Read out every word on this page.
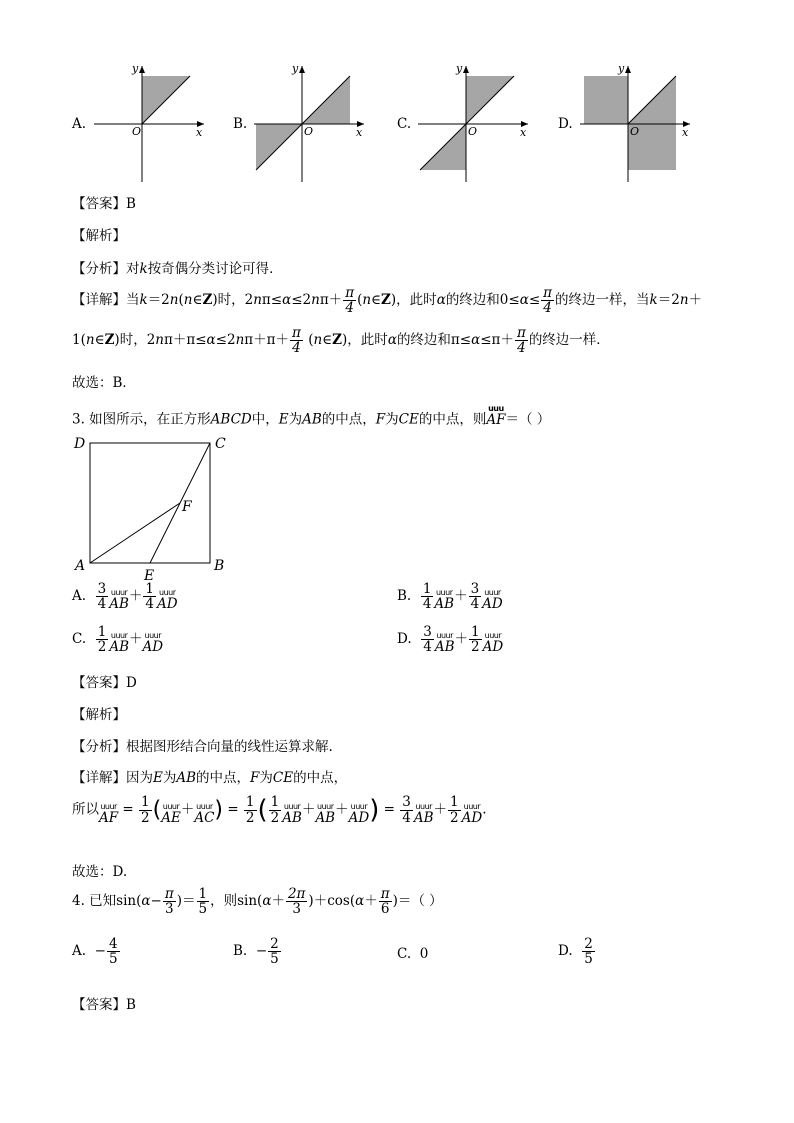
A.	B.	C.	D.
O	x
y
O	x
y
O	x
y
O	x
y
【答案】B
【解析】
【分析】对k按奇偶分类讨论可得．
【详解】当k＝2n(n∈Z)时，$2n\pi\le\alpha\le 2n\pi+ \frac{\pi}{4}$ (n∈Z)，此时α的终边和$0\le\alpha\le \frac{\pi}{4}$ 的终边一样，当k＝2n＋
1(n∈Z)时，$2n\pi+\pi\le\alpha\le 2n\pi+\pi+ \frac{\pi}{4}$ (n∈Z)，此时α的终边和$\pi\le\alpha\le\pi+ \frac{\pi}{4}$ 的终边一样．
故选：B．
3. 如图所示，在正方形ABCD中，E为AB的中点，F为CE的中点，则
uuu
AF ＝（ ）
D	C
A	B
E
F
A. $\frac{3}{4}$ uuur
AB ＋ $\frac{1}{4}$ uuur
AD	B. $\frac{1}{4}$ uuur
AB ＋ $\frac{3}{4}$ uuur
AD
C. $\frac{1}{2}$ uuur
AB ＋ uuur
AD	D. $\frac{3}{4}$ uuur
AB ＋ $\frac{1}{2}$ uuur
AD
【答案】D
【解析】
【分析】根据图形结合向量的线性运算求解.
【详解】因为E为AB的中点，F为CE的中点，
所以 uuur
AF = $\frac{1}{2}$ ( uuur
AE ＋ uuur
AC ) = $\frac{1}{2}$ ( $\frac{1}{2}$ uuur
AB ＋ uuur
AB ＋ uuur
AD ) = $\frac{3}{4}$ uuur
AB ＋ $\frac{1}{2}$ uuur
AD .
故选：D.
4. 已知$\sin(\alpha- \frac{\pi}{3}$ )＝ $\frac{1}{5}$ ，则$\sin(\alpha+ \frac{2\pi}{3} )+\cos(\alpha+ \frac{\pi}{6}$ )＝（ ）
A. − $\frac{4}{5}$	B. − $\frac{2}{5}$	C. 0	D. $\frac{2}{5}$
【答案】B
